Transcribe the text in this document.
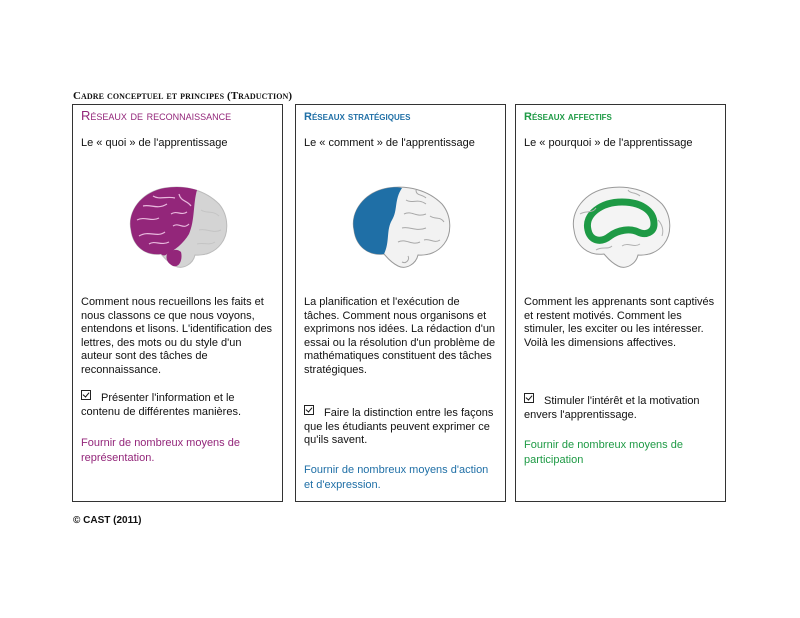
Cadre conceptuel et principes (Traduction)
Réseaux de reconnaissance
Le « quoi » de l'apprentissage
Comment nous recueillons les faits et nous classons ce que nous voyons, entendons et lisons. L'identification des lettres, des mots ou du style d'un auteur sont des tâches de reconnaissance.
Présenter l'information et le contenu de différentes manières.
Fournir de nombreux moyens de représentation.
Réseaux stratégiques
Le « comment » de l'apprentissage
La planification et l'exécution de tâches. Comment nous organisons et exprimons nos idées. La rédaction d'un essai ou la résolution d'un problème de mathématiques constituent des tâches stratégiques.
Faire la distinction entre les façons que les étudiants peuvent exprimer ce qu'ils savent.
Fournir de nombreux moyens d'action et d'expression.
Réseaux affectifs
Le « pourquoi » de l'apprentissage
Comment les apprenants sont captivés et restent motivés. Comment les stimuler, les exciter ou les intéresser. Voilà les dimensions affectives.
Stimuler l'intérêt et la motivation envers l'apprentissage.
Fournir de nombreux moyens de participation
© CAST (2011)
